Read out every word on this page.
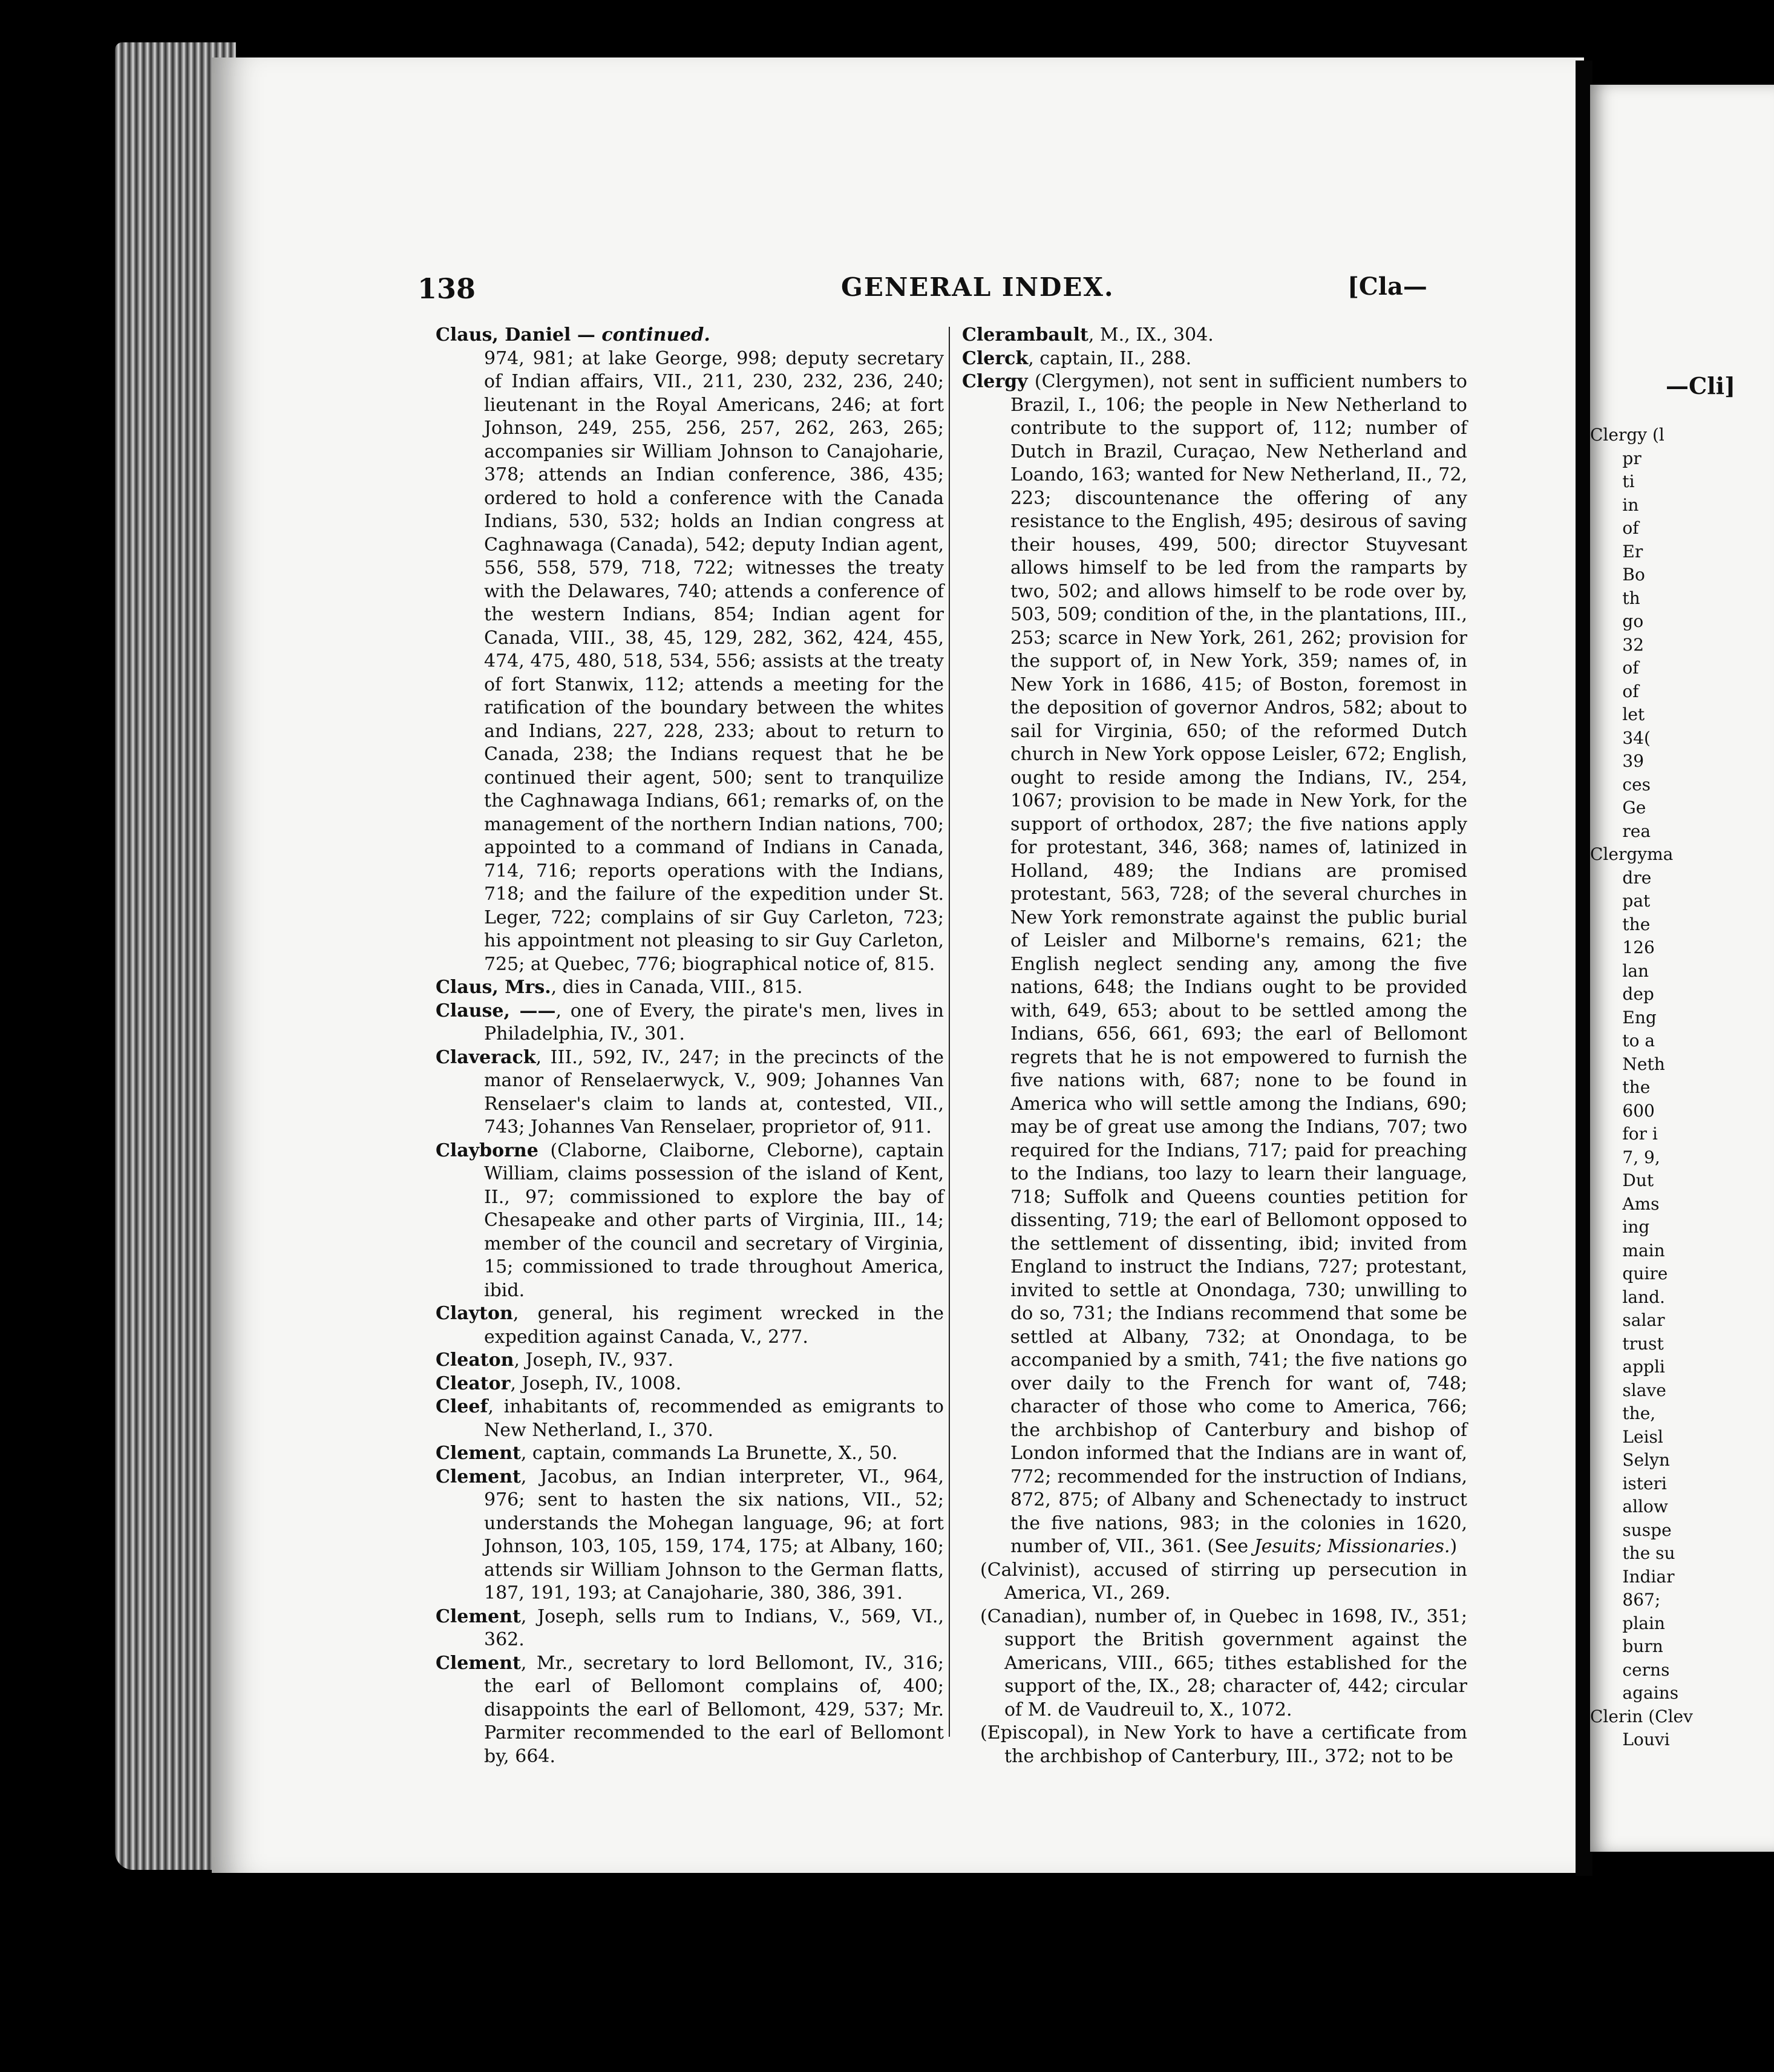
138	GENERAL INDEX.	[Cla—

Claus, Daniel — continued.

974, 981; at lake George, 998; deputy secretary of Indian affairs, VII., 211, 230, 232, 236, 240; lieutenant in the Royal Americans, 246; at fort Johnson, 249, 255, 256, 257, 262, 263, 265; accompanies sir William Johnson to Canajoharie, 378; attends an Indian conference, 386, 435; ordered to hold a conference with the Canada Indians, 530, 532; holds an Indian congress at Caghnawaga (Canada), 542; deputy Indian agent, 556, 558, 579, 718, 722; witnesses the treaty with the Delawares, 740; attends a conference of the western Indians, 854; Indian agent for Canada, VIII., 38, 45, 129, 282, 362, 424, 455, 474, 475, 480, 518, 534, 556; assists at the treaty of fort Stanwix, 112; attends a meeting for the ratification of the boundary between the whites and Indians, 227, 228, 233; about to return to Canada, 238; the Indians request that he be continued their agent, 500; sent to tranquilize the Caghnawaga Indians, 661; remarks of, on the management of the northern Indian nations, 700; appointed to a command of Indians in Canada, 714, 716; reports operations with the Indians, 718; and the failure of the expedition under St. Leger, 722; complains of sir Guy Carleton, 723; his appointment not pleasing to sir Guy Carleton, 725; at Quebec, 776; biographical notice of, 815.

Claus, Mrs., dies in Canada, VIII., 815.

Clause, ——, one of Every, the pirate's men, lives in Philadelphia, IV., 301.

Claverack, III., 592, IV., 247; in the precincts of the manor of Renselaerwyck, V., 909; Johannes Van Renselaer's claim to lands at, contested, VII., 743; Johannes Van Renselaer, proprietor of, 911.

Clayborne (Claborne, Claiborne, Cleborne), captain William, claims possession of the island of Kent, II., 97; commissioned to explore the bay of Chesapeake and other parts of Virginia, III., 14; member of the council and secretary of Virginia, 15; commissioned to trade throughout America, ibid.

Clayton, general, his regiment wrecked in the expedition against Canada, V., 277.

Cleaton, Joseph, IV., 937.

Cleator, Joseph, IV., 1008.

Cleef, inhabitants of, recommended as emigrants to New Netherland, I., 370.

Clement, captain, commands La Brunette, X., 50.

Clement, Jacobus, an Indian interpreter, VI., 964, 976; sent to hasten the six nations, VII., 52; understands the Mohegan language, 96; at fort Johnson, 103, 105, 159, 174, 175; at Albany, 160; attends sir William Johnson to the German flatts, 187, 191, 193; at Canajoharie, 380, 386, 391.

Clement, Joseph, sells rum to Indians, V., 569, VI., 362.

Clement, Mr., secretary to lord Bellomont, IV., 316; the earl of Bellomont complains of, 400; disappoints the earl of Bellomont, 429, 537; Mr. Parmiter recommended to the earl of Bellomont by, 664.

Clerambault, M., IX., 304.

Clerck, captain, II., 288.

Clergy (Clergymen), not sent in sufficient numbers to Brazil, I., 106; the people in New Netherland to contribute to the support of, 112; number of Dutch in Brazil, Curaçao, New Netherland and Loando, 163; wanted for New Netherland, II., 72, 223; discountenance the offering of any resistance to the English, 495; desirous of saving their houses, 499, 500; director Stuyvesant allows himself to be led from the ramparts by two, 502; and allows himself to be rode over by, 503, 509; condition of the, in the plantations, III., 253; scarce in New York, 261, 262; provision for the support of, in New York, 359; names of, in New York in 1686, 415; of Boston, foremost in the deposition of governor Andros, 582; about to sail for Virginia, 650; of the reformed Dutch church in New York oppose Leisler, 672; English, ought to reside among the Indians, IV., 254, 1067; provision to be made in New York, for the support of orthodox, 287; the five nations apply for protestant, 346, 368; names of, latinized in Holland, 489; the Indians are promised protestant, 563, 728; of the several churches in New York remonstrate against the public burial of Leisler and Milborne's remains, 621; the English neglect sending any, among the five nations, 648; the Indians ought to be provided with, 649, 653; about to be settled among the Indians, 656, 661, 693; the earl of Bellomont regrets that he is not empowered to furnish the five nations with, 687; none to be found in America who will settle among the Indians, 690; may be of great use among the Indians, 707; two required for the Indians, 717; paid for preaching to the Indians, too lazy to learn their language, 718; Suffolk and Queens counties petition for dissenting, 719; the earl of Bellomont opposed to the settlement of dissenting, ibid; invited from England to instruct the Indians, 727; protestant, invited to settle at Onondaga, 730; unwilling to do so, 731; the Indians recommend that some be settled at Albany, 732; at Onondaga, to be accompanied by a smith, 741; the five nations go over daily to the French for want of, 748; character of those who come to America, 766; the archbishop of Canterbury and bishop of London informed that the Indians are in want of, 772; recommended for the instruction of Indians, 872, 875; of Albany and Schenectady to instruct the five nations, 983; in the colonies in 1620, number of, VII., 361. (See Jesuits; Missionaries.)

(Calvinist), accused of stirring up persecution in America, VI., 269.

(Canadian), number of, in Quebec in 1698, IV., 351; support the British government against the Americans, VIII., 665; tithes established for the support of the, IX., 28; character of, 442; circular of M. de Vaudreuil to, X., 1072.

(Episcopal), in New York to have a certificate from the archbishop of Canterbury, III., 372; not to be

—Cli]
Clergy (l
pr
ti
in
of
Er
Bo
th
go
32
of
of
let
34(
39
ces
Ge
rea
Clergyma
dre
pat
the
126
lan
dep
Eng
to a
Neth
the
600
for i
7, 9,
Dut
Ams
ing
main
quire
land.
salar
trust
appli
slave
the,
Leisl
Selyn
isteri
allow
suspe
the su
Indiar
867;
plain
burn
cerns
agains
Clerin (Clev
Louvi
